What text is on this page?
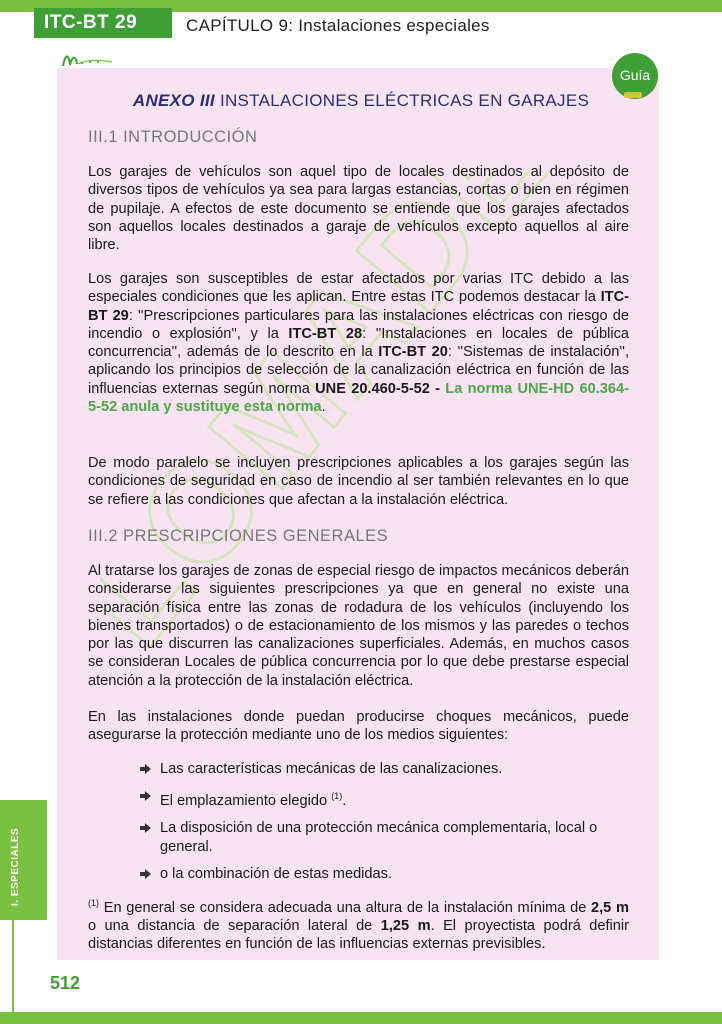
ITC-BT 29	CAPÍTULO 9: Instalaciones especiales
Guía
ANEXO III INSTALACIONES ELÉCTRICAS EN GARAJES
III.1 INTRODUCCIÓN
Los garajes de vehículos son aquel tipo de locales destinados al depósito de diversos tipos de vehículos ya sea para largas estancias, cortas o bien en régimen de pupilaje. A efectos de este documento se entiende que los garajes afectados son aquellos locales destinados a garaje de vehículos excepto aquellos al aire libre.
Los garajes son susceptibles de estar afectados por varias ITC debido a las especiales condiciones que les aplican. Entre estas ITC podemos destacar la ITC-BT 29: ''Prescripciones particulares para las instalaciones eléctricas con riesgo de incendio o explosión'', y la ITC-BT 28: ''Instalaciones en locales de pública concurrencia'', además de lo descrito en la ITC-BT 20: ''Sistemas de instalación'', aplicando los principios de selección de la canalización eléctrica en función de las influencias externas según norma UNE 20.460-5-52 - La norma UNE-HD 60.364-5-52 anula y sustituye esta norma.
De modo paralelo se incluyen prescripciones aplicables a los garajes según las condiciones de seguridad en caso de incendio al ser también relevantes en lo que se refiere a las condiciones que afectan a la instalación eléctrica.
III.2 PRESCRIPCIONES GENERALES
Al tratarse los garajes de zonas de especial riesgo de impactos mecánicos deberán considerarse las siguientes prescripciones ya que en general no existe una separación física entre las zonas de rodadura de los vehículos (incluyendo los bienes transportados) o de estacionamiento de los mismos y las paredes o techos por las que discurren las canalizaciones superficiales. Además, en muchos casos se consideran Locales de pública concurrencia por lo que debe prestarse especial atención a la protección de la instalación eléctrica.
En las instalaciones donde puedan producirse choques mecánicos, puede asegurarse la protección mediante uno de los medios siguientes:
Las características mecánicas de las canalizaciones.
El emplazamiento elegido $^{(1)}$.
La disposición de una protección mecánica complementaria, local o general.
o la combinación de estas medidas.
$^{(1)}$ En general se considera adecuada una altura de la instalación mínima de 2,5 m o una distancia de separación lateral de 1,25 m. El proyectista podrá definir distancias diferentes en función de las influencias externas previsibles.
I. ESPECIALES
512
